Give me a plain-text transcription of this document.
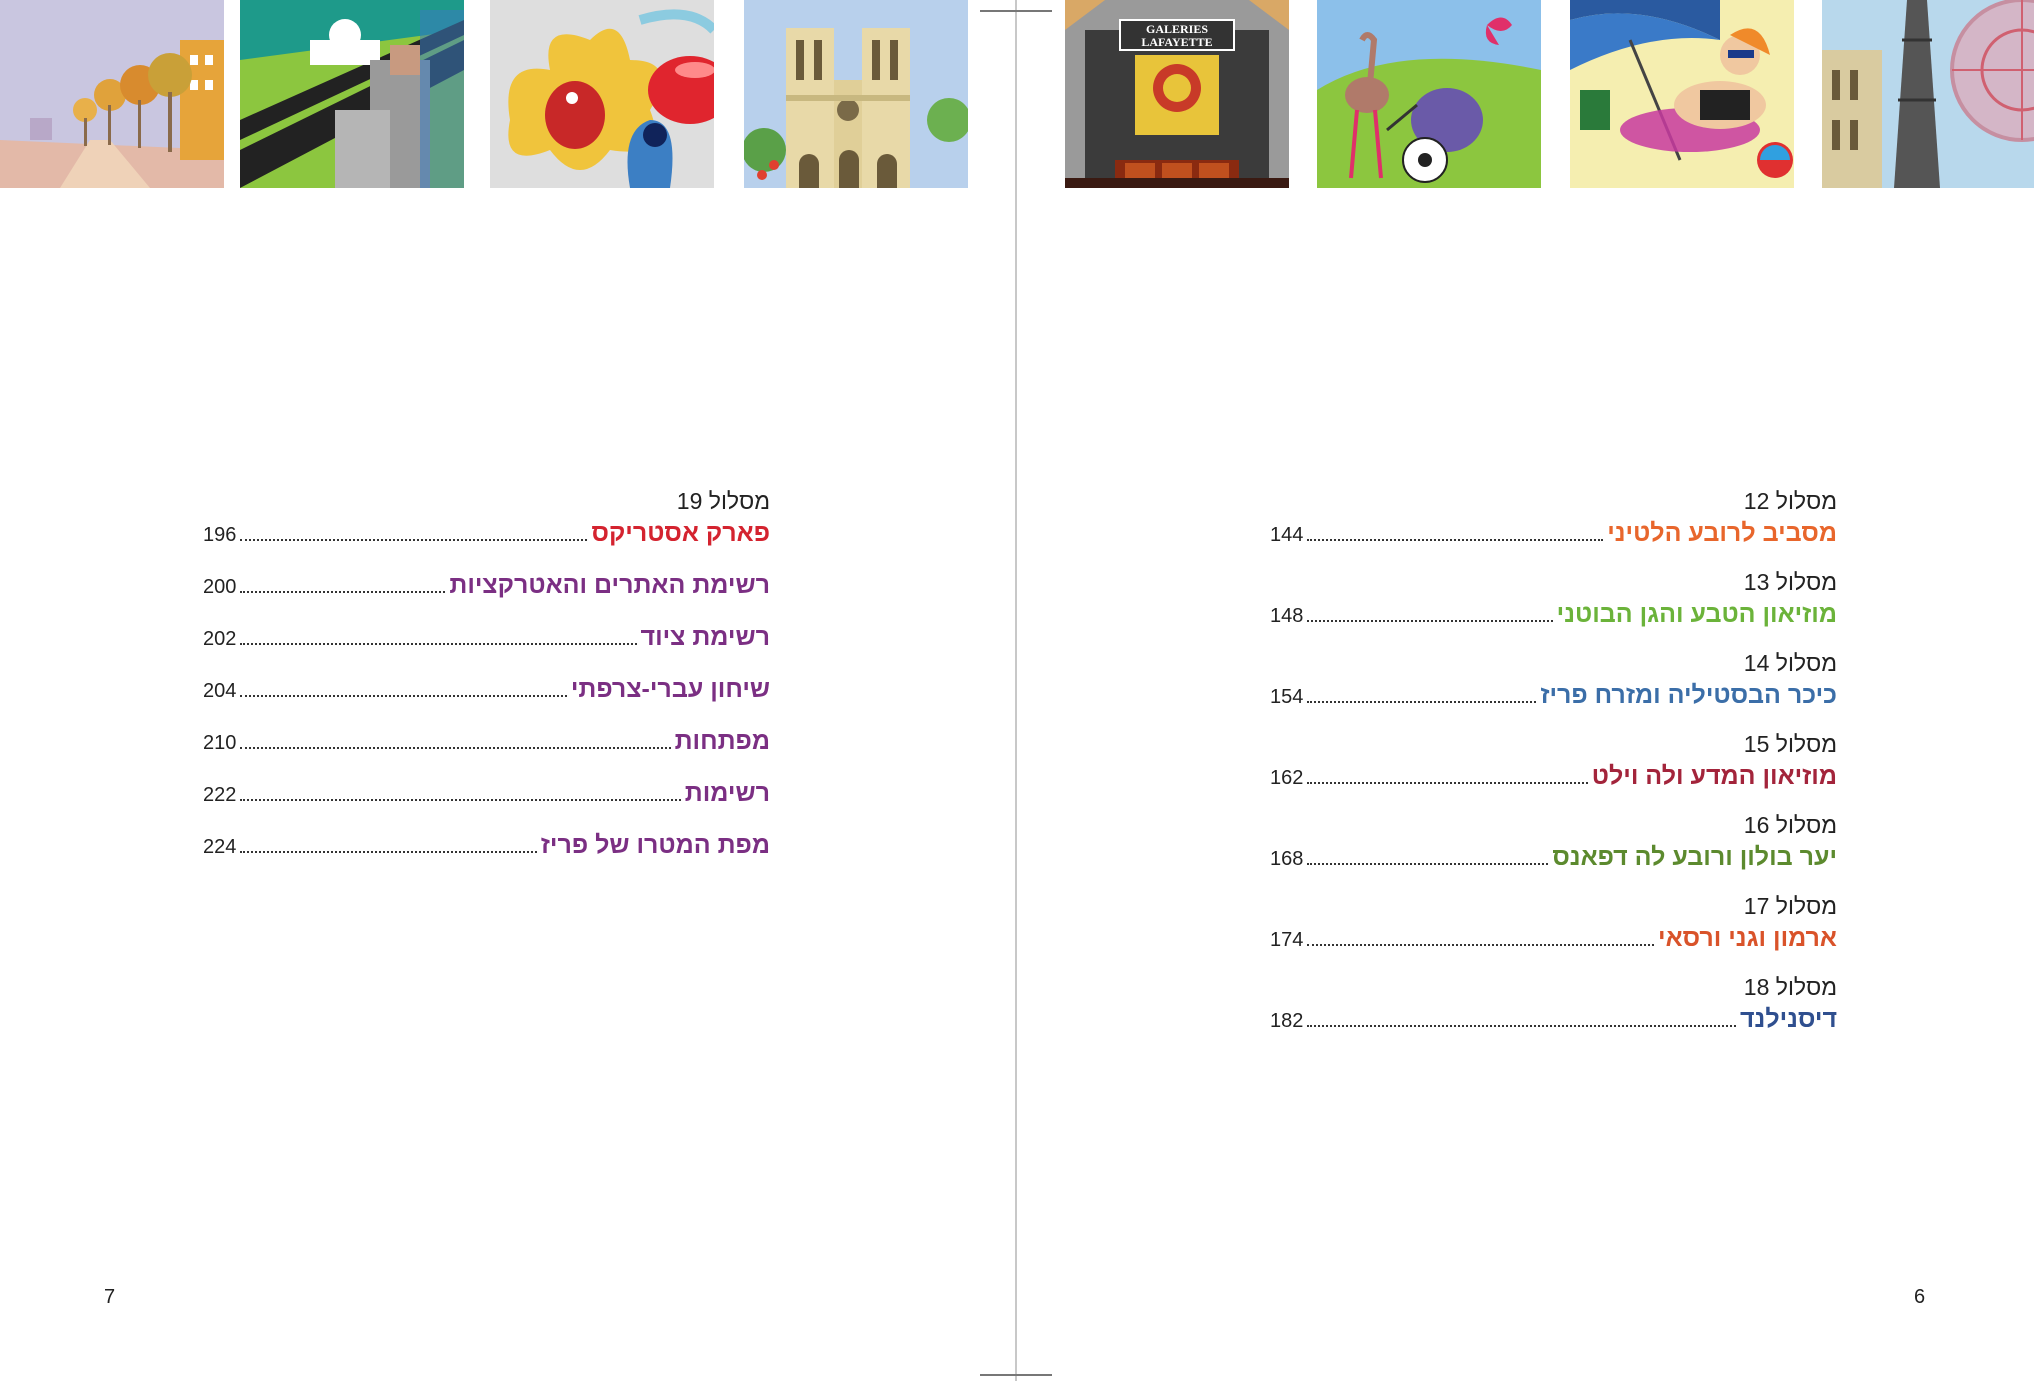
GALERIES
LAFAYETTE
מסלול 19
פארק אסטריקס
196
רשימת האתרים והאטרקציות
200
רשימת ציוד
202
שיחון עברי-צרפתי
204
מפתחות
210
רשימות
222
מפת המטרו של פריז
224
מסלול 12
מסביב לרובע הלטיני
144
מסלול 13
מוזיאון הטבע והגן הבוטני
148
מסלול 14
כיכר הבסטיליה ומזרח פריז
154
מסלול 15
מוזיאון המדע ולה וילט
162
מסלול 16
יער בולון ורובע לה דפאנס
168
מסלול 17
ארמון וגני ורסאי
174
מסלול 18
דיסנילנד
182
7	6
